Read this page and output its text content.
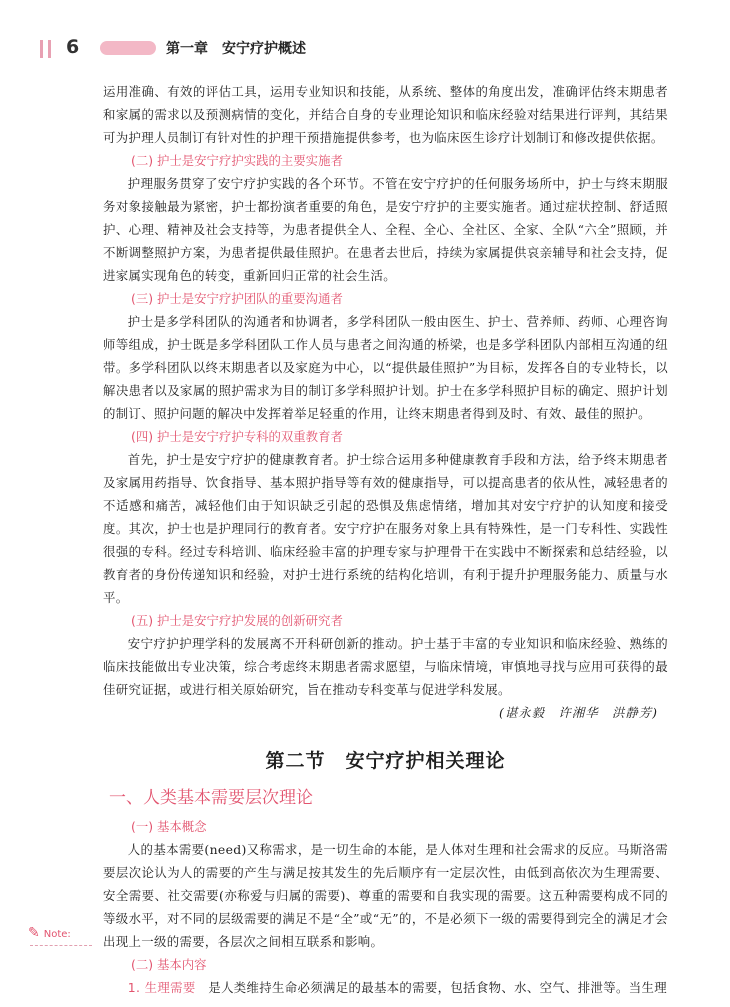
6	第一章　安宁疗护概述

运用准确、有效的评估工具，运用专业知识和技能，从系统、整体的角度出发，准确评估终末期患者和家属的需求以及预测病情的变化，并结合自身的专业理论知识和临床经验对结果进行评判，其结果可为护理人员制订有针对性的护理干预措施提供参考，也为临床医生诊疗计划制订和修改提供依据。

(二) 护士是安宁疗护实践的主要实施者

护理服务贯穿了安宁疗护实践的各个环节。不管在安宁疗护的任何服务场所中，护士与终末期服务对象接触最为紧密，护士都扮演者重要的角色，是安宁疗护的主要实施者。通过症状控制、舒适照护、心理、精神及社会支持等，为患者提供全人、全程、全心、全社区、全家、全队“六全”照顾，并不断调整照护方案，为患者提供最佳照护。在患者去世后，持续为家属提供哀亲辅导和社会支持，促进家属实现角色的转变，重新回归正常的社会生活。

(三) 护士是安宁疗护团队的重要沟通者

护士是多学科团队的沟通者和协调者，多学科团队一般由医生、护士、营养师、药师、心理咨询师等组成，护士既是多学科团队工作人员与患者之间沟通的桥梁，也是多学科团队内部相互沟通的纽带。多学科团队以终末期患者以及家庭为中心，以“提供最佳照护”为目标，发挥各自的专业特长，以解决患者以及家属的照护需求为目的制订多学科照护计划。护士在多学科照护目标的确定、照护计划的制订、照护问题的解决中发挥着举足轻重的作用，让终末期患者得到及时、有效、最佳的照护。

(四) 护士是安宁疗护专科的双重教育者

首先，护士是安宁疗护的健康教育者。护士综合运用多种健康教育手段和方法，给予终末期患者及家属用药指导、饮食指导、基本照护指导等有效的健康指导，可以提高患者的依从性，减轻患者的不适感和痛苦，减轻他们由于知识缺乏引起的恐惧及焦虑情绪，增加其对安宁疗护的认知度和接受度。其次，护士也是护理同行的教育者。安宁疗护在服务对象上具有特殊性，是一门专科性、实践性很强的专科。经过专科培训、临床经验丰富的护理专家与护理骨干在实践中不断探索和总结经验，以教育者的身份传递知识和经验，对护士进行系统的结构化培训，有利于提升护理服务能力、质量与水平。

(五) 护士是安宁疗护发展的创新研究者

安宁疗护护理学科的发展离不开科研创新的推动。护士基于丰富的专业知识和临床经验、熟练的临床技能做出专业决策，综合考虑终末期患者需求愿望，与临床情境，审慎地寻找与应用可获得的最佳研究证据，或进行相关原始研究，旨在推动专科变革与促进学科发展。

(谌永毅　许湘华　洪静芳)
第二节　安宁疗护相关理论
一、人类基本需要层次理论
(一) 基本概念

人的基本需要(need)又称需求，是一切生命的本能，是人体对生理和社会需求的反应。马斯洛需要层次论认为人的需要的产生与满足按其发生的先后顺序有一定层次性，由低到高依次为生理需要、安全需要、社交需要(亦称爱与归属的需要)、尊重的需要和自我实现的需要。这五种需要构成不同的等级水平，对不同的层级需要的满足不是“全”或“无”的，不是必须下一级的需要得到完全的满足才会出现上一级的需要，各层次之间相互联系和影响。

(二) 基本内容

1. 生理需要　 是人类维持生命必须满足的最基本的需要，包括食物、水、空气、排泄等。当生理

✎ Note:
